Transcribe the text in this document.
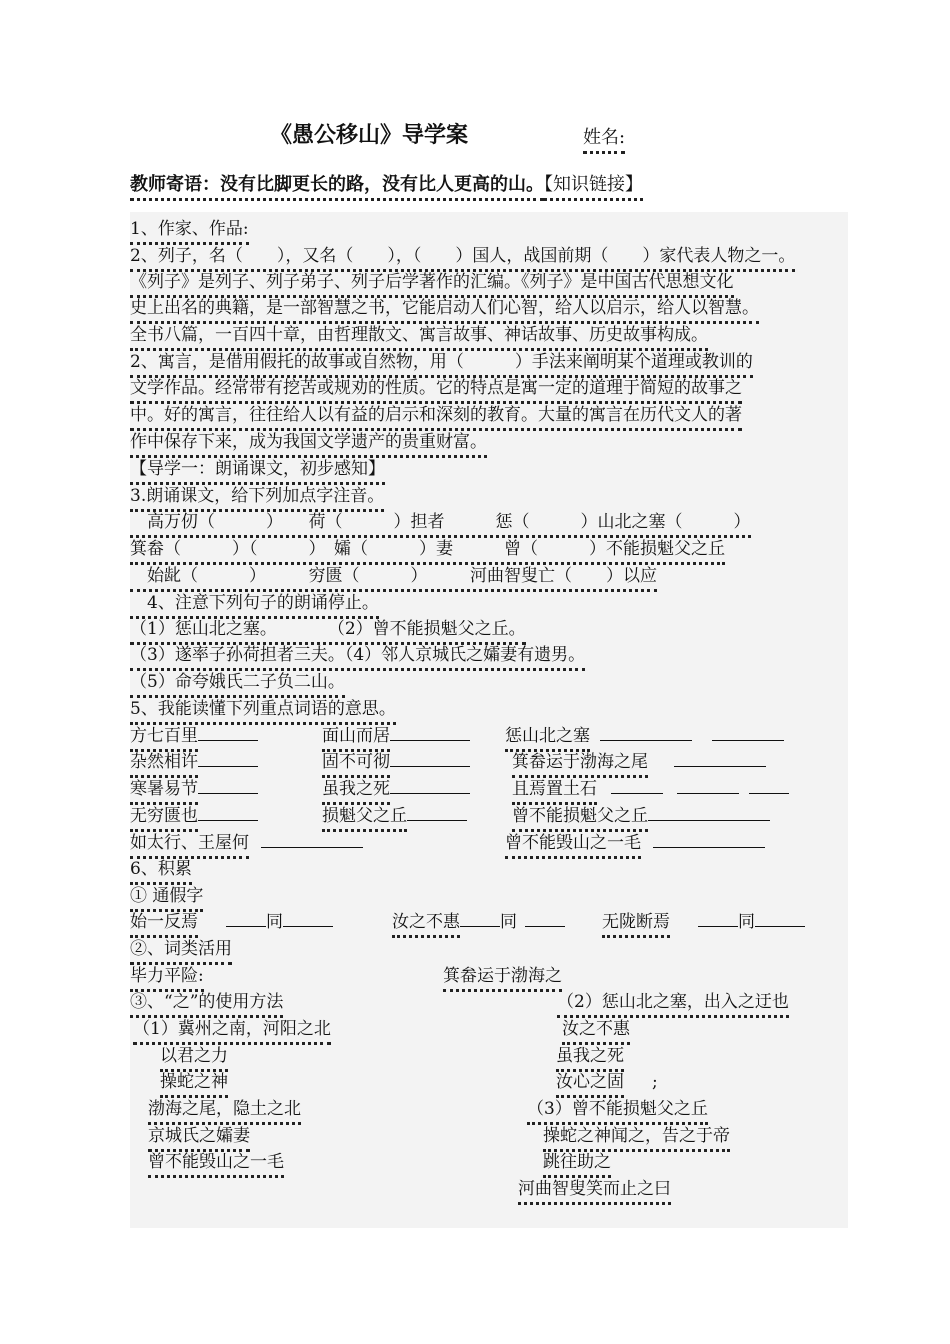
《愚公移山》导学案	姓名:
教师寄语：没有比脚更长的路，没有比人更高的山。【知识链接】
1、作家、作品:
2、列子，名（　　），又名（　　），（　　）国人，战国前期（　　）家代表人物之一。
《列子》是列子、列子弟子、列子后学著作的汇编。《列子》是中国古代思想文化
史上出名的典籍，是一部智慧之书，它能启动人们心智，给人以启示，给人以智慧。
全书八篇，一百四十章，由哲理散文、寓言故事、神话故事、历史故事构成。
2、寓言，是借用假托的故事或自然物，用（　　　）手法来阐明某个道理或教训的
文学作品。经常带有挖苦或规劝的性质。它的特点是寓一定的道理于简短的故事之
中。好的寓言，往往给人以有益的启示和深刻的教育。大量的寓言在历代文人的著
作中保存下来，成为我国文学遗产的贵重财富。
【导学一：朗诵课文，初步感知】
3.朗诵课文，给下列加点字注音。
　高万仞（　　　）　　荷（　　　）担者　　　惩（　　　）山北之塞（　　　）
箕畚（　　　）（　　　）　孀（　　　）妻　　　曾（　　　）不能损魁父之丘
　始龀（　　　）　　　穷匮（　　　）　　　河曲智叟亡（　　）以应
　4、注意下列句子的朗诵停止。
（1）惩山北之塞。　　　　（2）曾不能损魁父之丘。
（3）遂率子孙荷担者三夫。（4）邻人京城氏之孀妻有遗男。
（5）命夸娥氏二子负二山。
5、我能读懂下列重点词语的意思。
方七百里	面山而居	惩山北之塞
杂然相许	固不可彻	箕畚运于渤海之尾
寒暑易节	虽我之死	且焉置土石
无穷匮也	损魁父之丘	曾不能损魁父之丘
如太行、王屋何	曾不能毁山之一毛
6、积累
① 通假字
始一反焉	同	汝之不惠 同	无陇断焉	同
②、词类活用
毕力平险:	箕畚运于渤海之
③、“之”的使用方法
（1）冀州之南，河阳之北
以君之力
操蛇之神
渤海之尾，隐土之北
京城氏之孀妻
曾不能毁山之一毛
（2）惩山北之塞，出入之迂也
汝之不惠
虽我之死
汝心之固 ;
（3）曾不能损魁父之丘
操蛇之神闻之，告之于帝
跳往助之
河曲智叟笑而止之曰
